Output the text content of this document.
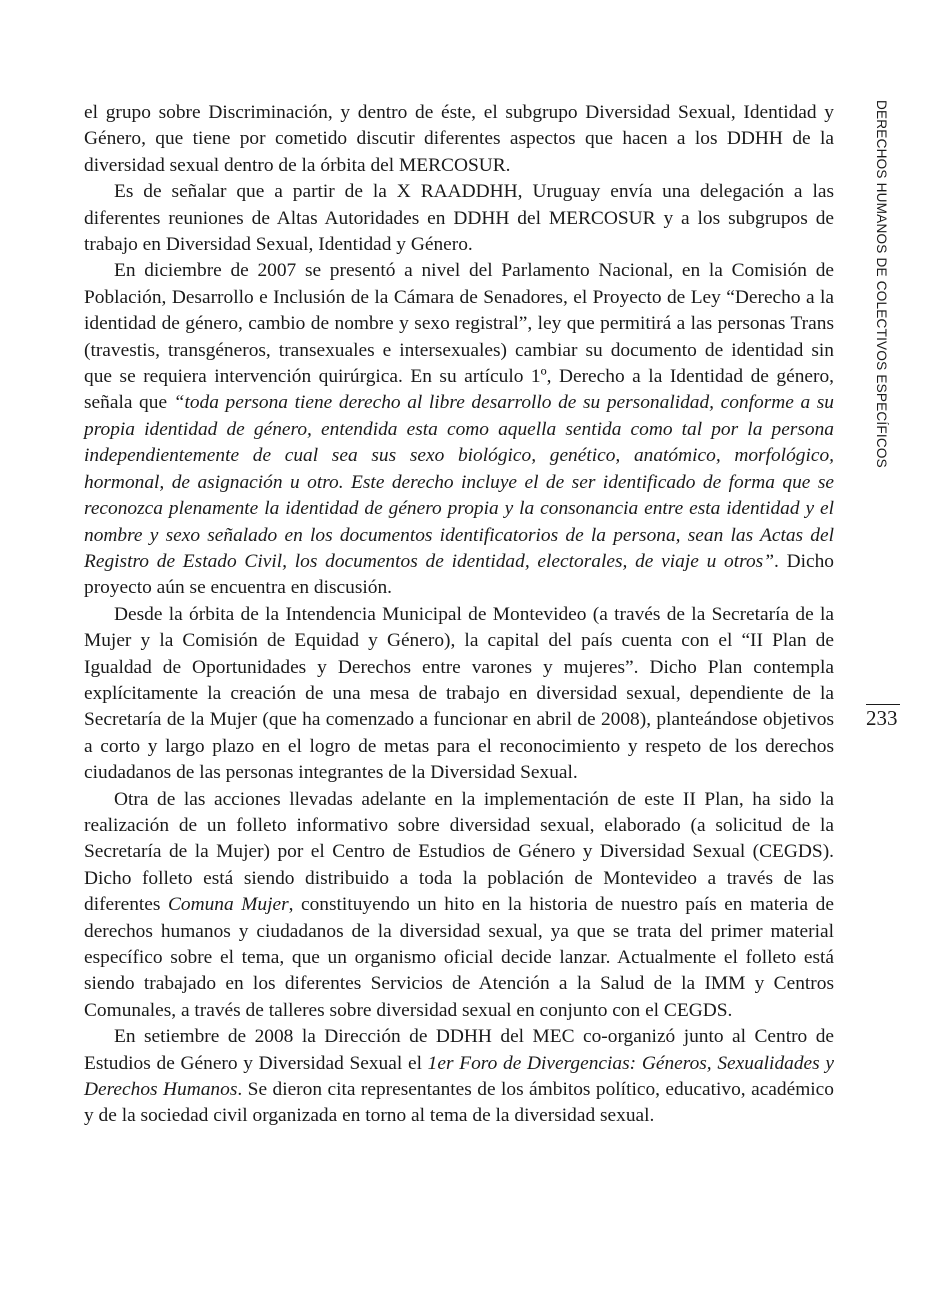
el grupo sobre Discriminación, y dentro de éste, el subgrupo Diversidad Sexual, Identidad y Género, que tiene por cometido discutir diferentes aspectos que hacen a los DDHH de la diversidad sexual dentro de la órbita del MERCOSUR.

Es de señalar que a partir de la X RAADDHH, Uruguay envía una delegación a las diferentes reuniones de Altas Autoridades en DDHH del MERCOSUR y a los subgrupos de trabajo en Diversidad Sexual, Identidad y Género.

En diciembre de 2007 se presentó a nivel del Parlamento Nacional, en la Comisión de Población, Desarrollo e Inclusión de la Cámara de Senadores, el Proyecto de Ley “Derecho a la identidad de género, cambio de nombre y sexo registral”, ley que permitirá a las personas Trans (travestis, transgéneros, transexuales e intersexuales) cambiar su documento de identidad sin que se requiera intervención quirúrgica. En su artículo 1º, Derecho a la Identidad de género, señala que “toda persona tiene derecho al libre desarrollo de su personalidad, conforme a su propia identidad de género, entendida esta como aquella sentida como tal por la persona independientemente de cual sea sus sexo biológico, genético, anatómico, morfológico, hormonal, de asignación u otro. Este derecho incluye el de ser identificado de forma que se reconozca plenamente la identidad de género propia y la consonancia entre esta identidad y el nombre y sexo señalado en los documentos identificatorios de la persona, sean las Actas del Registro de Estado Civil, los documentos de identidad, electorales, de viaje u otros”. Dicho proyecto aún se encuentra en discusión.

Desde la órbita de la Intendencia Municipal de Montevideo (a través de la Secretaría de la Mujer y la Comisión de Equidad y Género), la capital del país cuenta con el “II Plan de Igualdad de Oportunidades y Derechos entre varones y mujeres”. Dicho Plan contempla explícitamente la creación de una mesa de trabajo en diversidad sexual, dependiente de la Secretaría de la Mujer (que ha comenzado a funcionar en abril de 2008), planteándose objetivos a corto y largo plazo en el logro de metas para el reconocimiento y respeto de los derechos ciudadanos de las personas integrantes de la Diversidad Sexual.

Otra de las acciones llevadas adelante en la implementación de este II Plan, ha sido la realización de un folleto informativo sobre diversidad sexual, elaborado (a solicitud de la Secretaría de la Mujer) por el Centro de Estudios de Género y Diversidad Sexual (CEGDS). Dicho folleto está siendo distribuido a toda la población de Montevideo a través de las diferentes Comuna Mujer, constituyendo un hito en la historia de nuestro país en materia de derechos humanos y ciudadanos de la diversidad sexual, ya que se trata del primer material específico sobre el tema, que un organismo oficial decide lanzar. Actualmente el folleto está siendo trabajado en los diferentes Servicios de Atención a la Salud de la IMM y Centros Comunales, a través de talleres sobre diversidad sexual en conjunto con el CEGDS.

En setiembre de 2008 la Dirección de DDHH del MEC co-organizó junto al Centro de Estudios de Género y Diversidad Sexual el 1er Foro de Divergencias: Géneros, Sexualidades y Derechos Humanos. Se dieron cita representantes de los ámbitos político, educativo, académico y de la sociedad civil organizada en torno al tema de la diversidad sexual.

DERECHOS HUMANOS DE COLECTIVOS ESPECÍFICOS
233
